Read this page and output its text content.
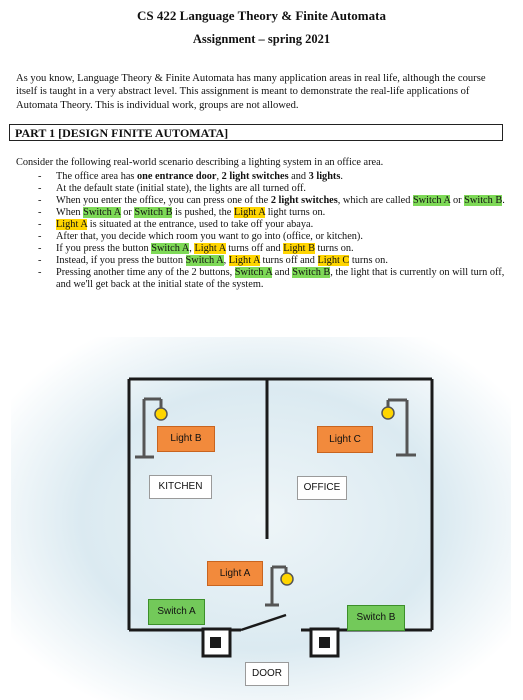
CS 422 Language Theory & Finite Automata
Assignment – spring 2021
As you know, Language Theory & Finite Automata has many application areas in real life, although the course itself is taught in a very abstract level. This assignment is meant to demonstrate the real-life applications of Automata Theory. This is individual work, groups are not allowed.
PART 1 [DESIGN FINITE AUTOMATA]
Consider the following real-world scenario describing a lighting system in an office area.
- The office area has one entrance door, 2 light switches and 3 lights.
- At the default state (initial state), the lights are all turned off.
- When you enter the office, you can press one of the 2 light switches, which are called Switch A or Switch B.
- When Switch A or Switch B is pushed, the Light A light turns on.
- Light A is situated at the entrance, used to take off your abaya.
- After that, you decide which room you want to go into (office, or kitchen).
- If you press the button Switch A, Light A turns off and Light B turns on.
- Instead, if you press the button Switch A, Light A turns off and Light C turns on.
- Pressing another time any of the 2 buttons, Switch A and Switch B, the light that is currently on will turn off, and we'll get back at the initial state of the system.
Light B	Light C
KITCHEN	OFFICE
Light A
Switch A
Switch B
DOOR
